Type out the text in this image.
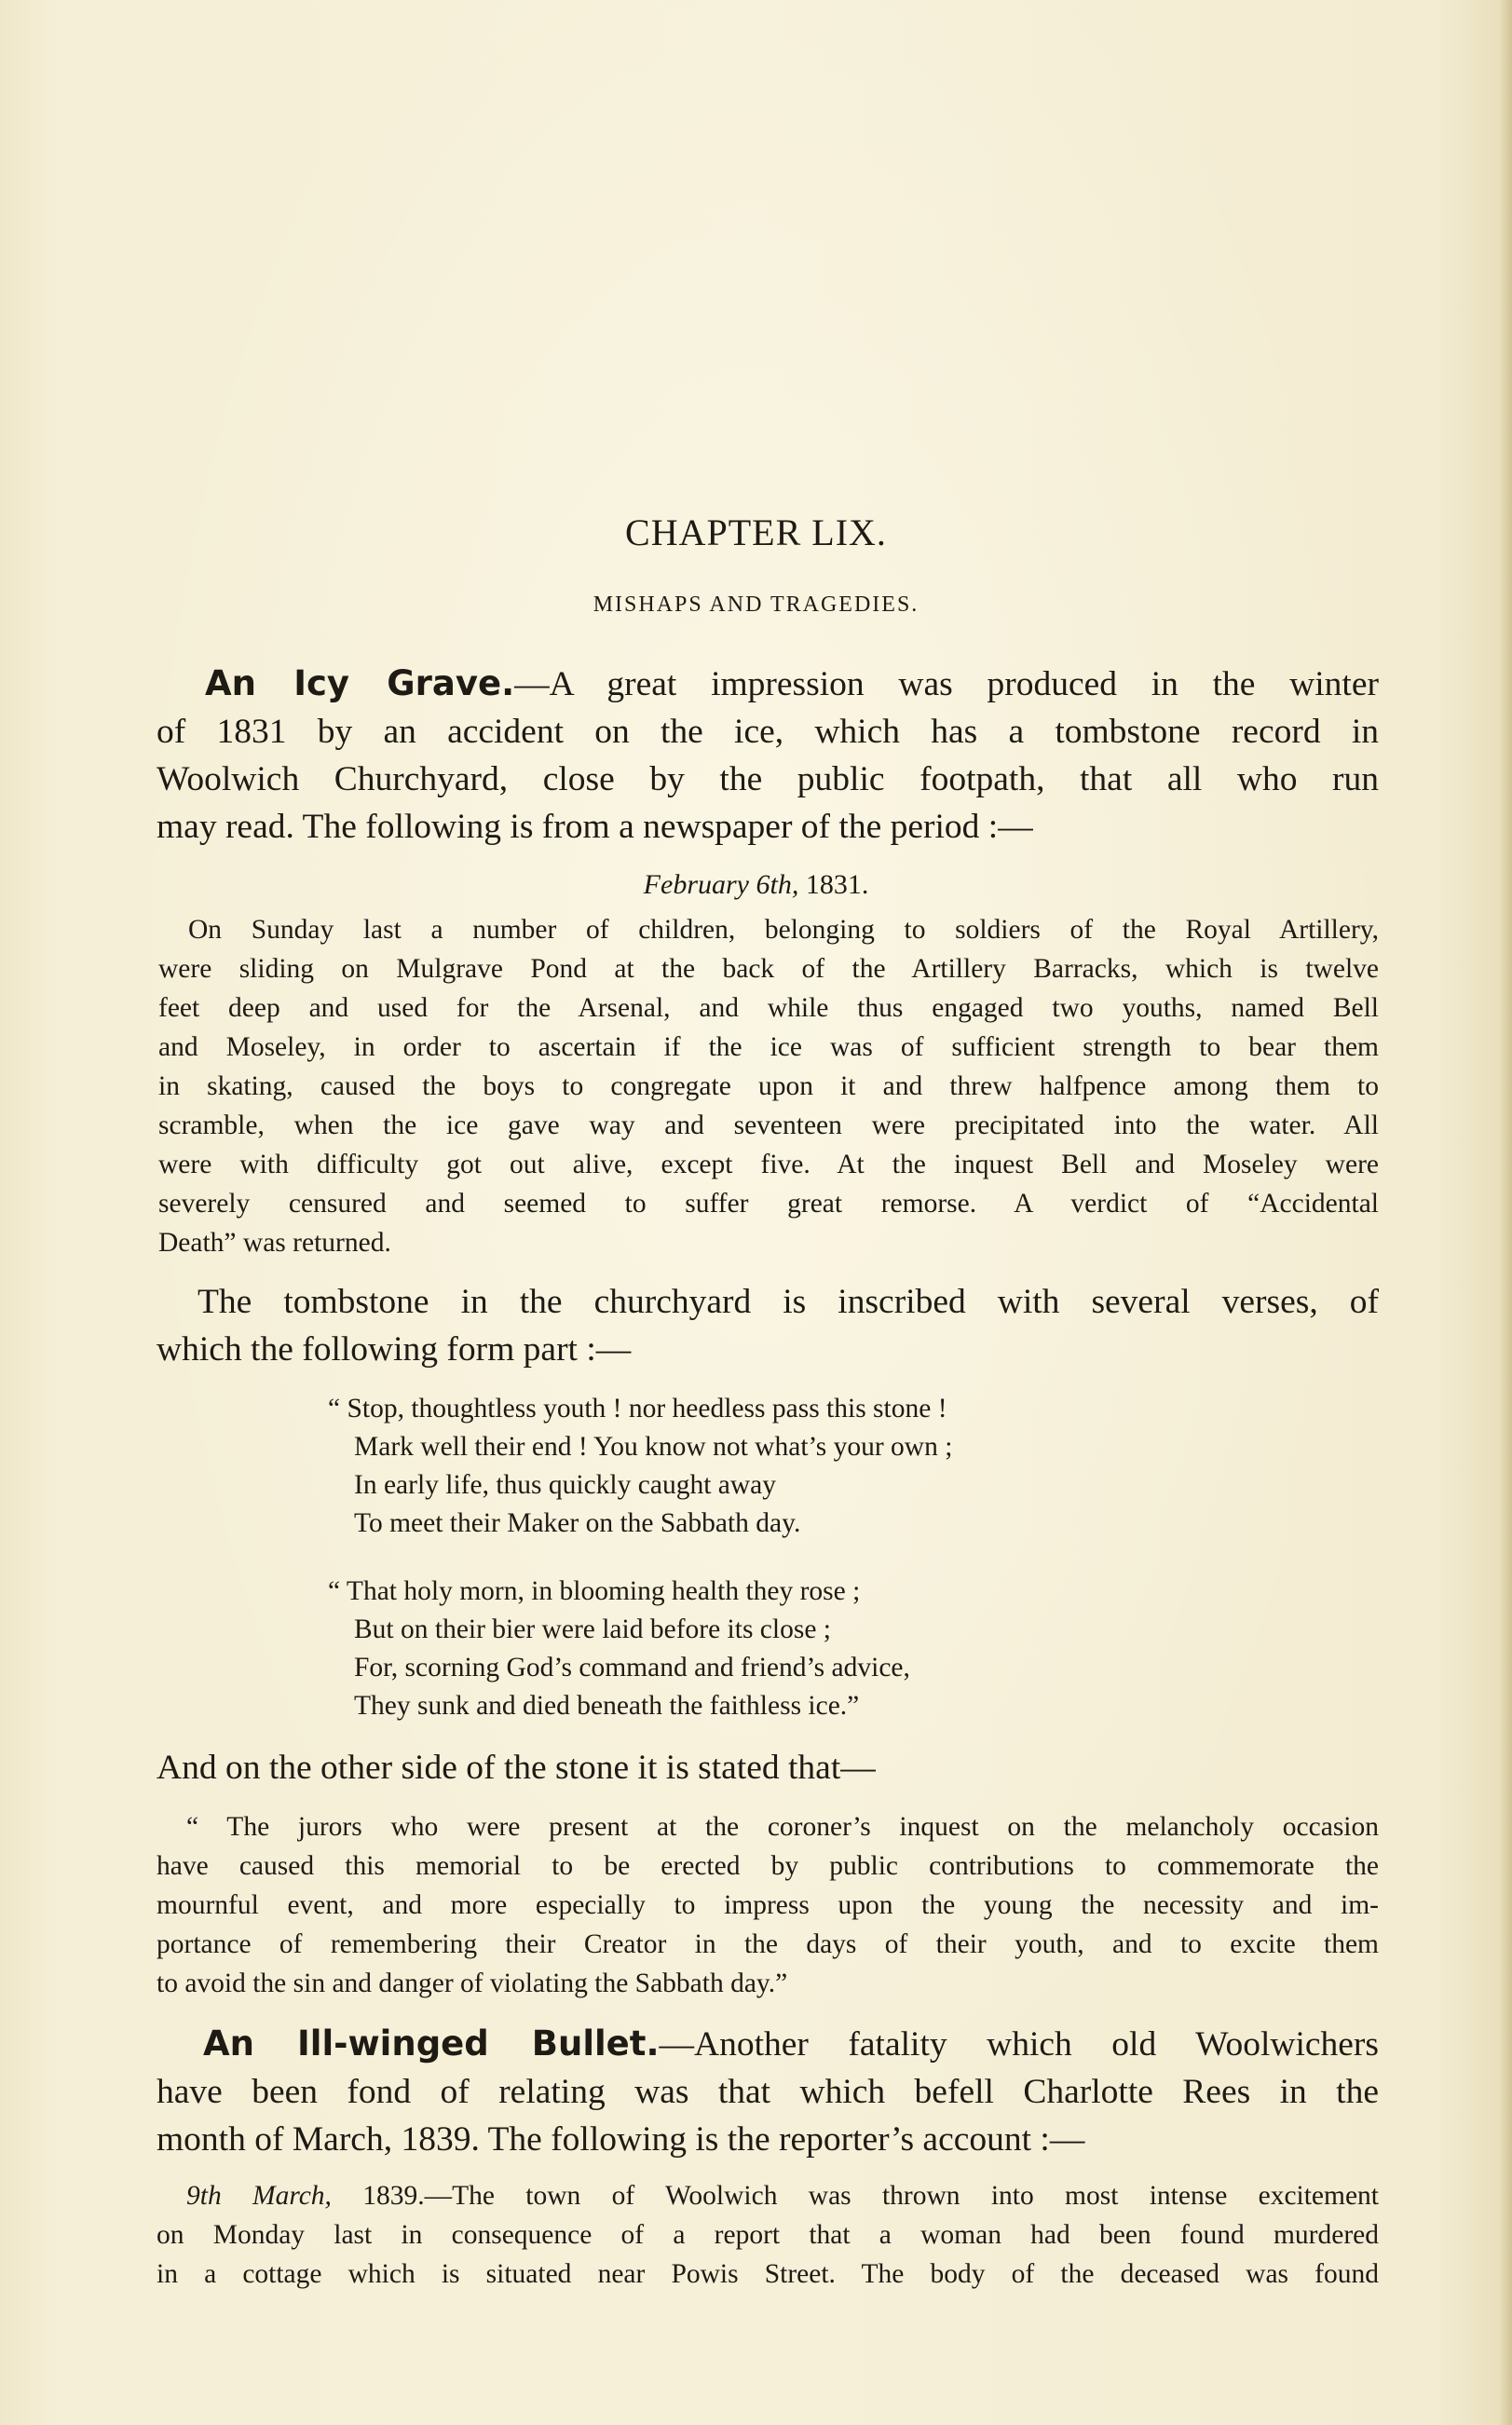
CHAPTER LIX.
MISHAPS AND TRAGEDIES.
An Icy Grave.—A great impression was produced in the winter
of 1831 by an accident on the ice, which has a tombstone record in
Woolwich Churchyard, close by the public footpath, that all who run
may read. The following is from a newspaper of the period :—
February 6th, 1831.
On Sunday last a number of children, belonging to soldiers of the Royal Artillery,
were sliding on Mulgrave Pond at the back of the Artillery Barracks, which is twelve
feet deep and used for the Arsenal, and while thus engaged two youths, named Bell
and Moseley, in order to ascertain if the ice was of sufficient strength to bear them
in skating, caused the boys to congregate upon it and threw halfpence among them to
scramble, when the ice gave way and seventeen were precipitated into the water. All
were with difficulty got out alive, except five. At the inquest Bell and Moseley were
severely censured and seemed to suffer great remorse. A verdict of “Accidental
Death” was returned.
The tombstone in the churchyard is inscribed with several verses, of
which the following form part :—
“ Stop, thoughtless youth ! nor heedless pass this stone !
Mark well their end ! You know not what’s your own ;
In early life, thus quickly caught away
To meet their Maker on the Sabbath day.
“ That holy morn, in blooming health they rose ;
But on their bier were laid before its close ;
For, scorning God’s command and friend’s advice,
They sunk and died beneath the faithless ice.”
And on the other side of the stone it is stated that—
“ The jurors who were present at the coroner’s inquest on the melancholy occasion
have caused this memorial to be erected by public contributions to commemorate the
mournful event, and more especially to impress upon the young the necessity and im-
portance of remembering their Creator in the days of their youth, and to excite them
to avoid the sin and danger of violating the Sabbath day.”
An Ill-winged Bullet.—Another fatality which old Woolwichers
have been fond of relating was that which befell Charlotte Rees in the
month of March, 1839. The following is the reporter’s account :—
9th March, 1839.—The town of Woolwich was thrown into most intense excitement
on Monday last in consequence of a report that a woman had been found murdered
in a cottage which is situated near Powis Street. The body of the deceased was found
